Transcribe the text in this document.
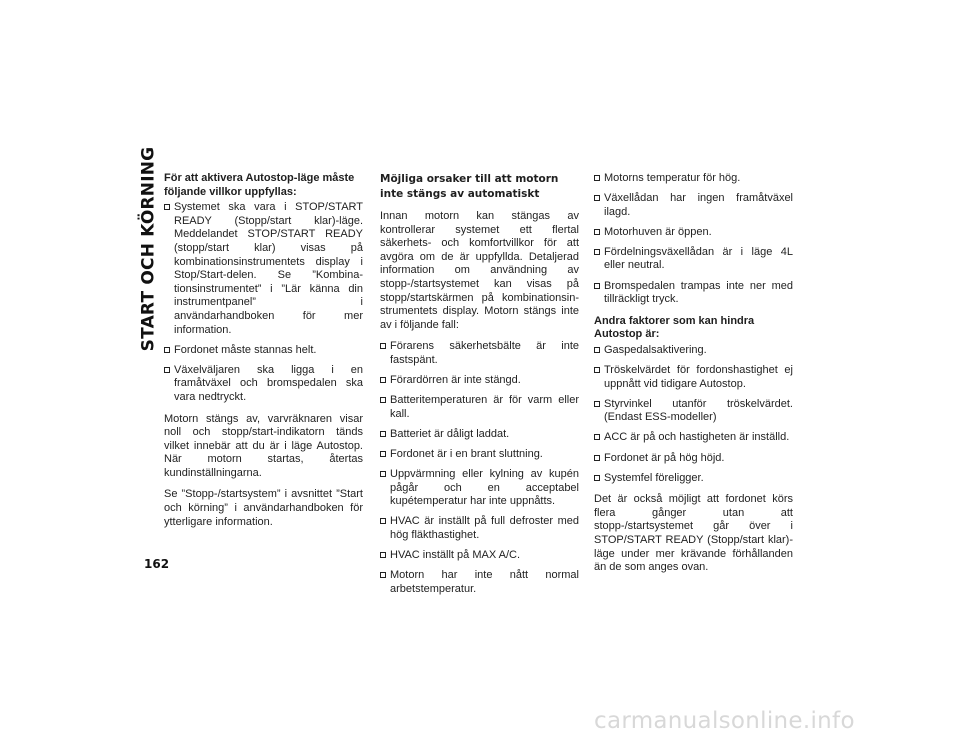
START OCH KÖRNING För att aktivera Autostop-läge måste följande villkor uppfyllas:
Systemet ska vara i STOP/START READY (Stopp/start klar)-läge. Meddelandet STOP/START READY (stopp/start klar) visas på kombinationsinstrumentets display i Stop/Start-delen. Se ”Kombinationsinstrumentet” i ”Lär känna din instrumentpanel” i användarhandboken för mer information.
Fordonet måste stannas helt.
Växelväljaren ska ligga i en framåtväxel och bromspedalen ska vara nedtryckt.

Motorn stängs av, varvräknaren visar noll och stopp/start-indikatorn tänds vilket innebär att du är i läge Autostop. När motorn startas, återtas kundinställningarna.

Se ”Stopp-/startsystem” i avsnittet ”Start och körning” i användarhandboken för ytterligare information.

Möjliga orsaker till att motorn inte stängs av automatiskt

Innan motorn kan stängas av kontrollerar systemet ett flertal säkerhets- och komfortvillkor för att avgöra om de är uppfyllda. Detaljerad information om användning av stopp-/startsystemet kan visas på stopp/startskärmen på kombinationsinstrumentets display. Motorn stängs inte av i följande fall:

Förarens säkerhetsbälte är inte fastspänt.
Förardörren är inte stängd.
Batteritemperaturen är för varm eller kall.
Batteriet är dåligt laddat.
Fordonet är i en brant sluttning.
Uppvärmning eller kylning av kupén pågår och en acceptabel kupétemperatur har inte uppnåtts.
HVAC är inställt på full defroster med hög fläkthastighet.
HVAC inställt på MAX A/C.
Motorn har inte nått normal arbetstemperatur.
Motorns temperatur för hög.
Växellådan har ingen framåtväxel ilagd.
Motorhuven är öppen.
Fördelningsväxellådan är i läge 4L eller neutral.
Bromspedalen trampas inte ner med tillräckligt tryck.
Andra faktorer som kan hindra Autostop är:
Gaspedalsaktivering.
Tröskelvärdet för fordonshastighet ej uppnått vid tidigare Autostop.
Styrvinkel utanför tröskelvärdet. (Endast ESS-modeller)
ACC är på och hastigheten är inställd.
Fordonet är på hög höjd.
Systemfel föreligger.

Det är också möjligt att fordonet körs flera gånger utan att stopp-/startsystemet går över i STOP/START READY (Stopp/start klar)-läge under mer krävande förhållanden än de som anges ovan.

162
carmanualsonline.info
